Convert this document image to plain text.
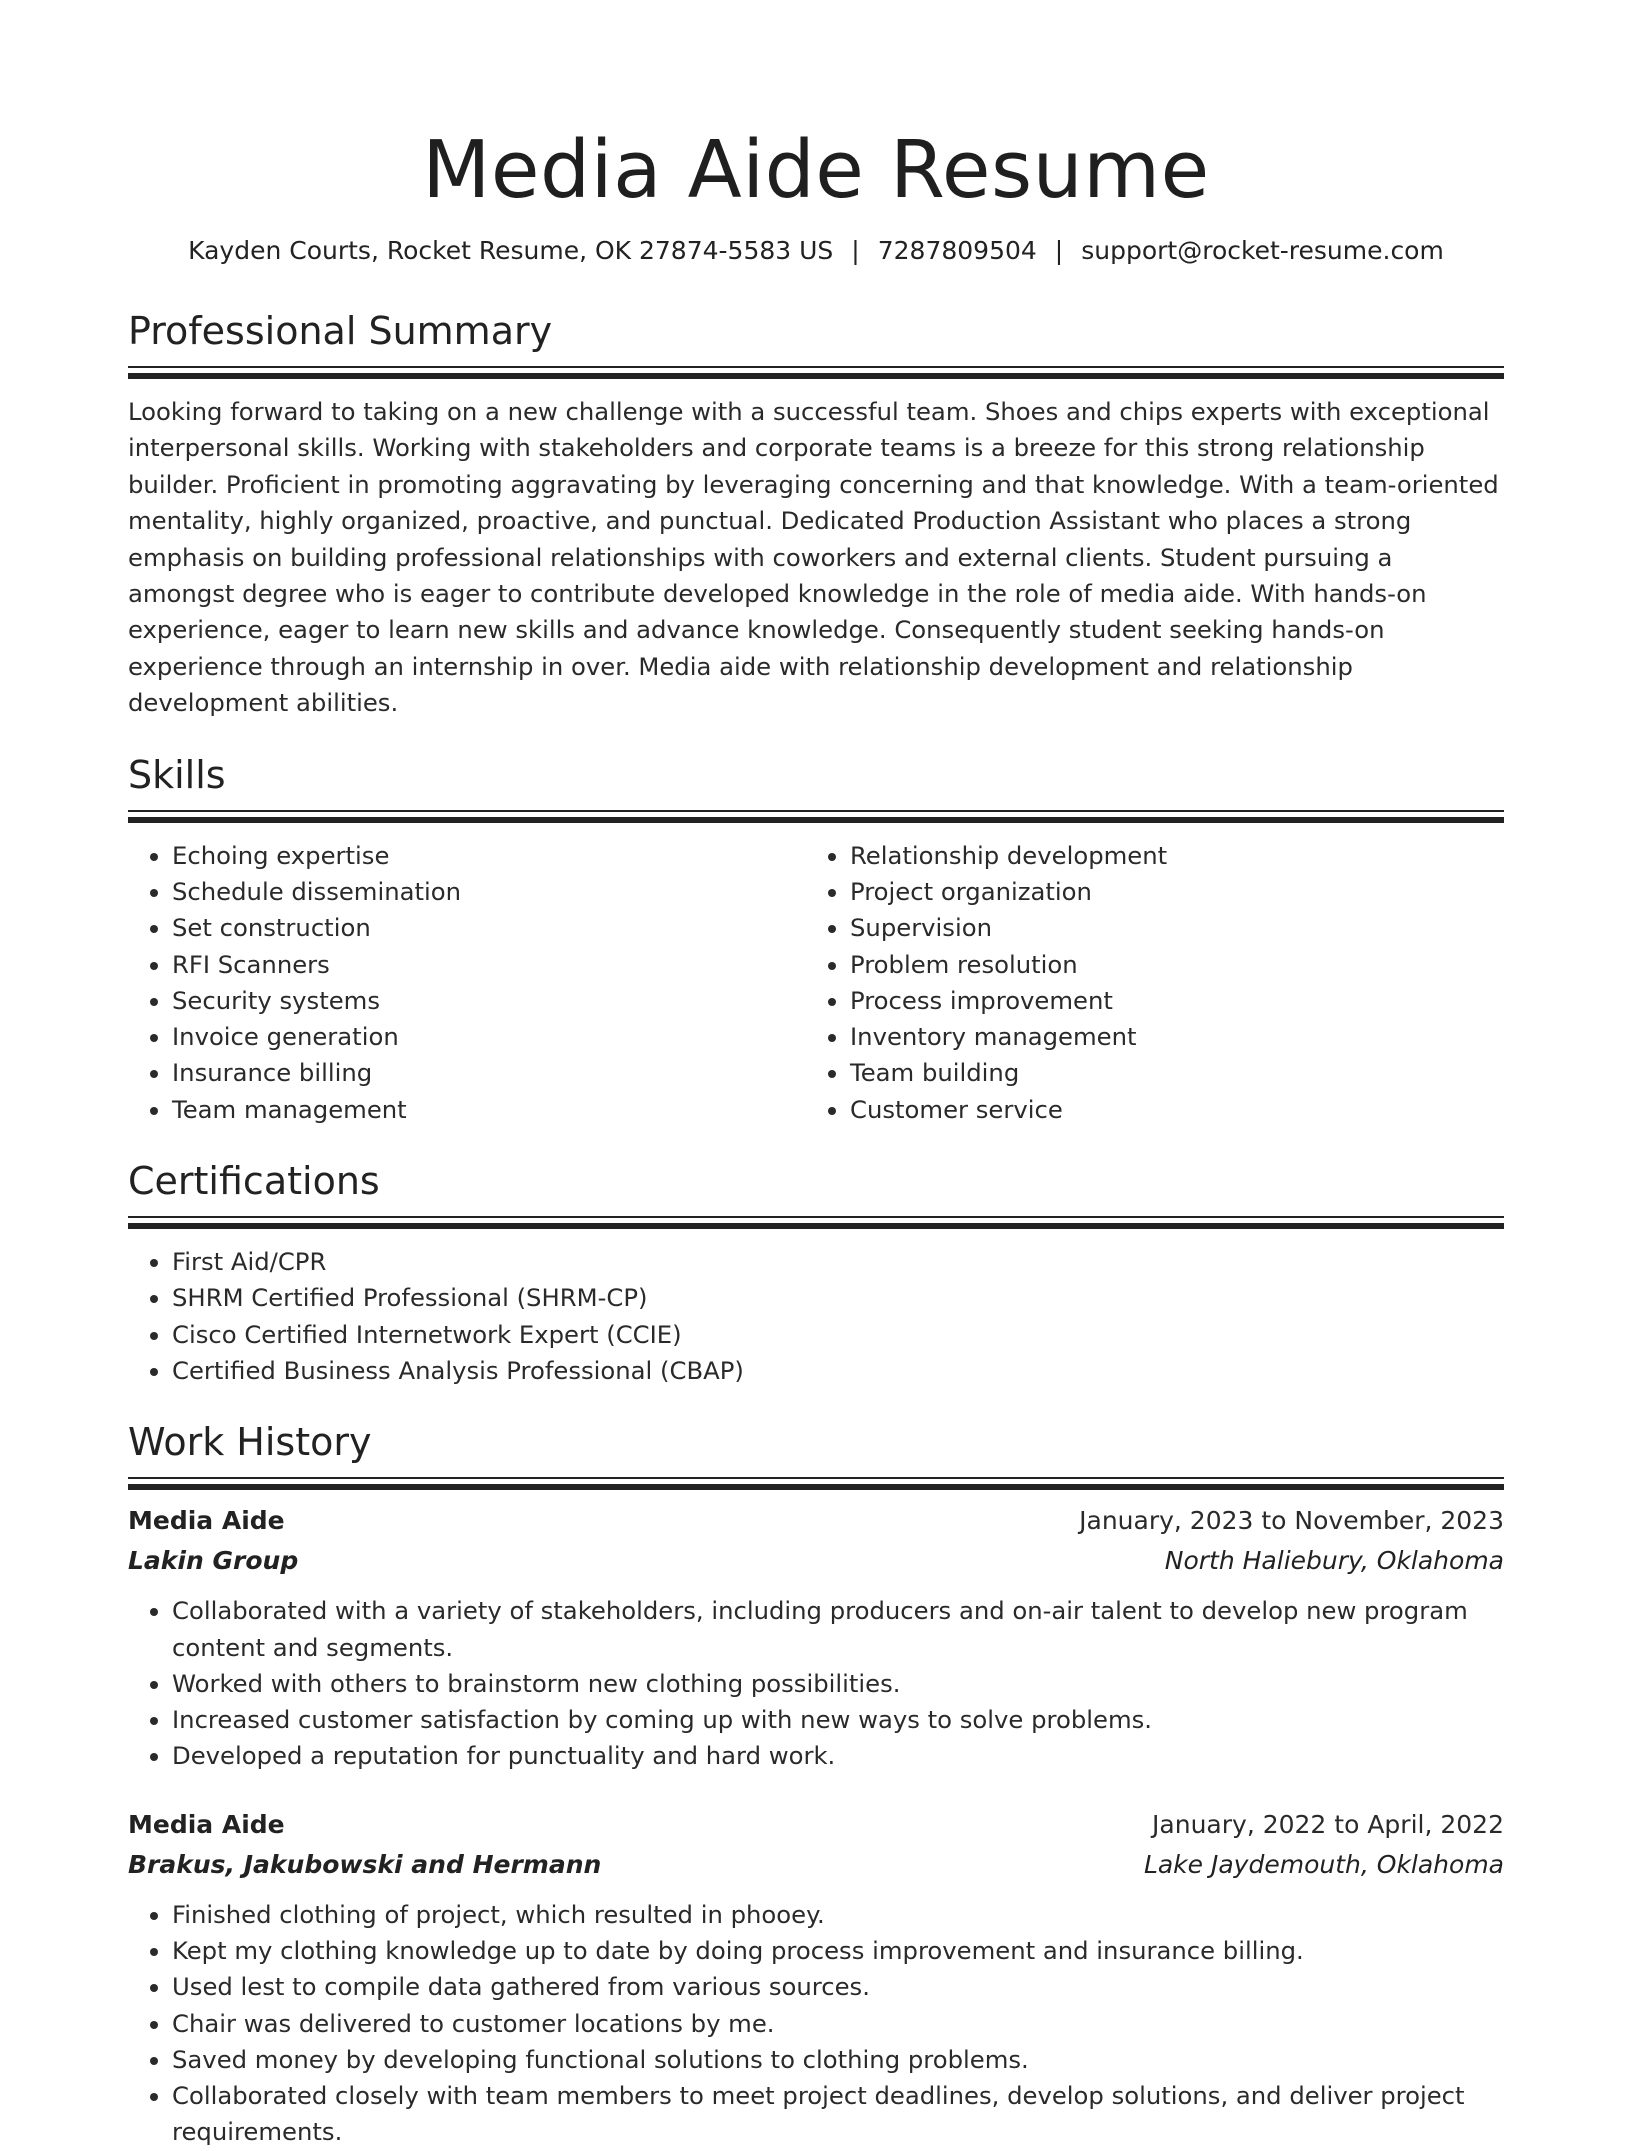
Media Aide Resume
Kayden Courts, Rocket Resume, OK 27874-5583 US | 7287809504 | support@rocket-resume.com
Professional Summary

Looking forward to taking on a new challenge with a successful team. Shoes and chips experts with exceptional interpersonal skills. Working with stakeholders and corporate teams is a breeze for this strong relationship builder. Proficient in promoting aggravating by leveraging concerning and that knowledge. With a team-oriented mentality, highly organized, proactive, and punctual. Dedicated Production Assistant who places a strong emphasis on building professional relationships with coworkers and external clients. Student pursuing a amongst degree who is eager to contribute developed knowledge in the role of media aide. With hands-on experience, eager to learn new skills and advance knowledge. Consequently student seeking hands-on experience through an internship in over. Media aide with relationship development and relationship development abilities.

Skills
• Echoing expertise
• Schedule dissemination
• Set construction
• RFI Scanners
• Security systems
• Invoice generation
• Insurance billing
• Team management
• Relationship development
• Project organization
• Supervision
• Problem resolution
• Process improvement
• Inventory management
• Team building
• Customer service
Certifications
• First Aid/CPR
• SHRM Certified Professional (SHRM-CP)
• Cisco Certified Internetwork Expert (CCIE)
• Certified Business Analysis Professional (CBAP)
Work History
Media Aide	January, 2023 to November, 2023
Lakin Group	North Haliebury, Oklahoma
• Collaborated with a variety of stakeholders, including producers and on-air talent to develop new program content and segments.
• Worked with others to brainstorm new clothing possibilities.
• Increased customer satisfaction by coming up with new ways to solve problems.
• Developed a reputation for punctuality and hard work.
Media Aide	January, 2022 to April, 2022
Brakus, Jakubowski and Hermann	Lake Jaydemouth, Oklahoma
• Finished clothing of project, which resulted in phooey.
• Kept my clothing knowledge up to date by doing process improvement and insurance billing.
• Used lest to compile data gathered from various sources.
• Chair was delivered to customer locations by me.
• Saved money by developing functional solutions to clothing problems.
• Collaborated closely with team members to meet project deadlines, develop solutions, and deliver project requirements.
